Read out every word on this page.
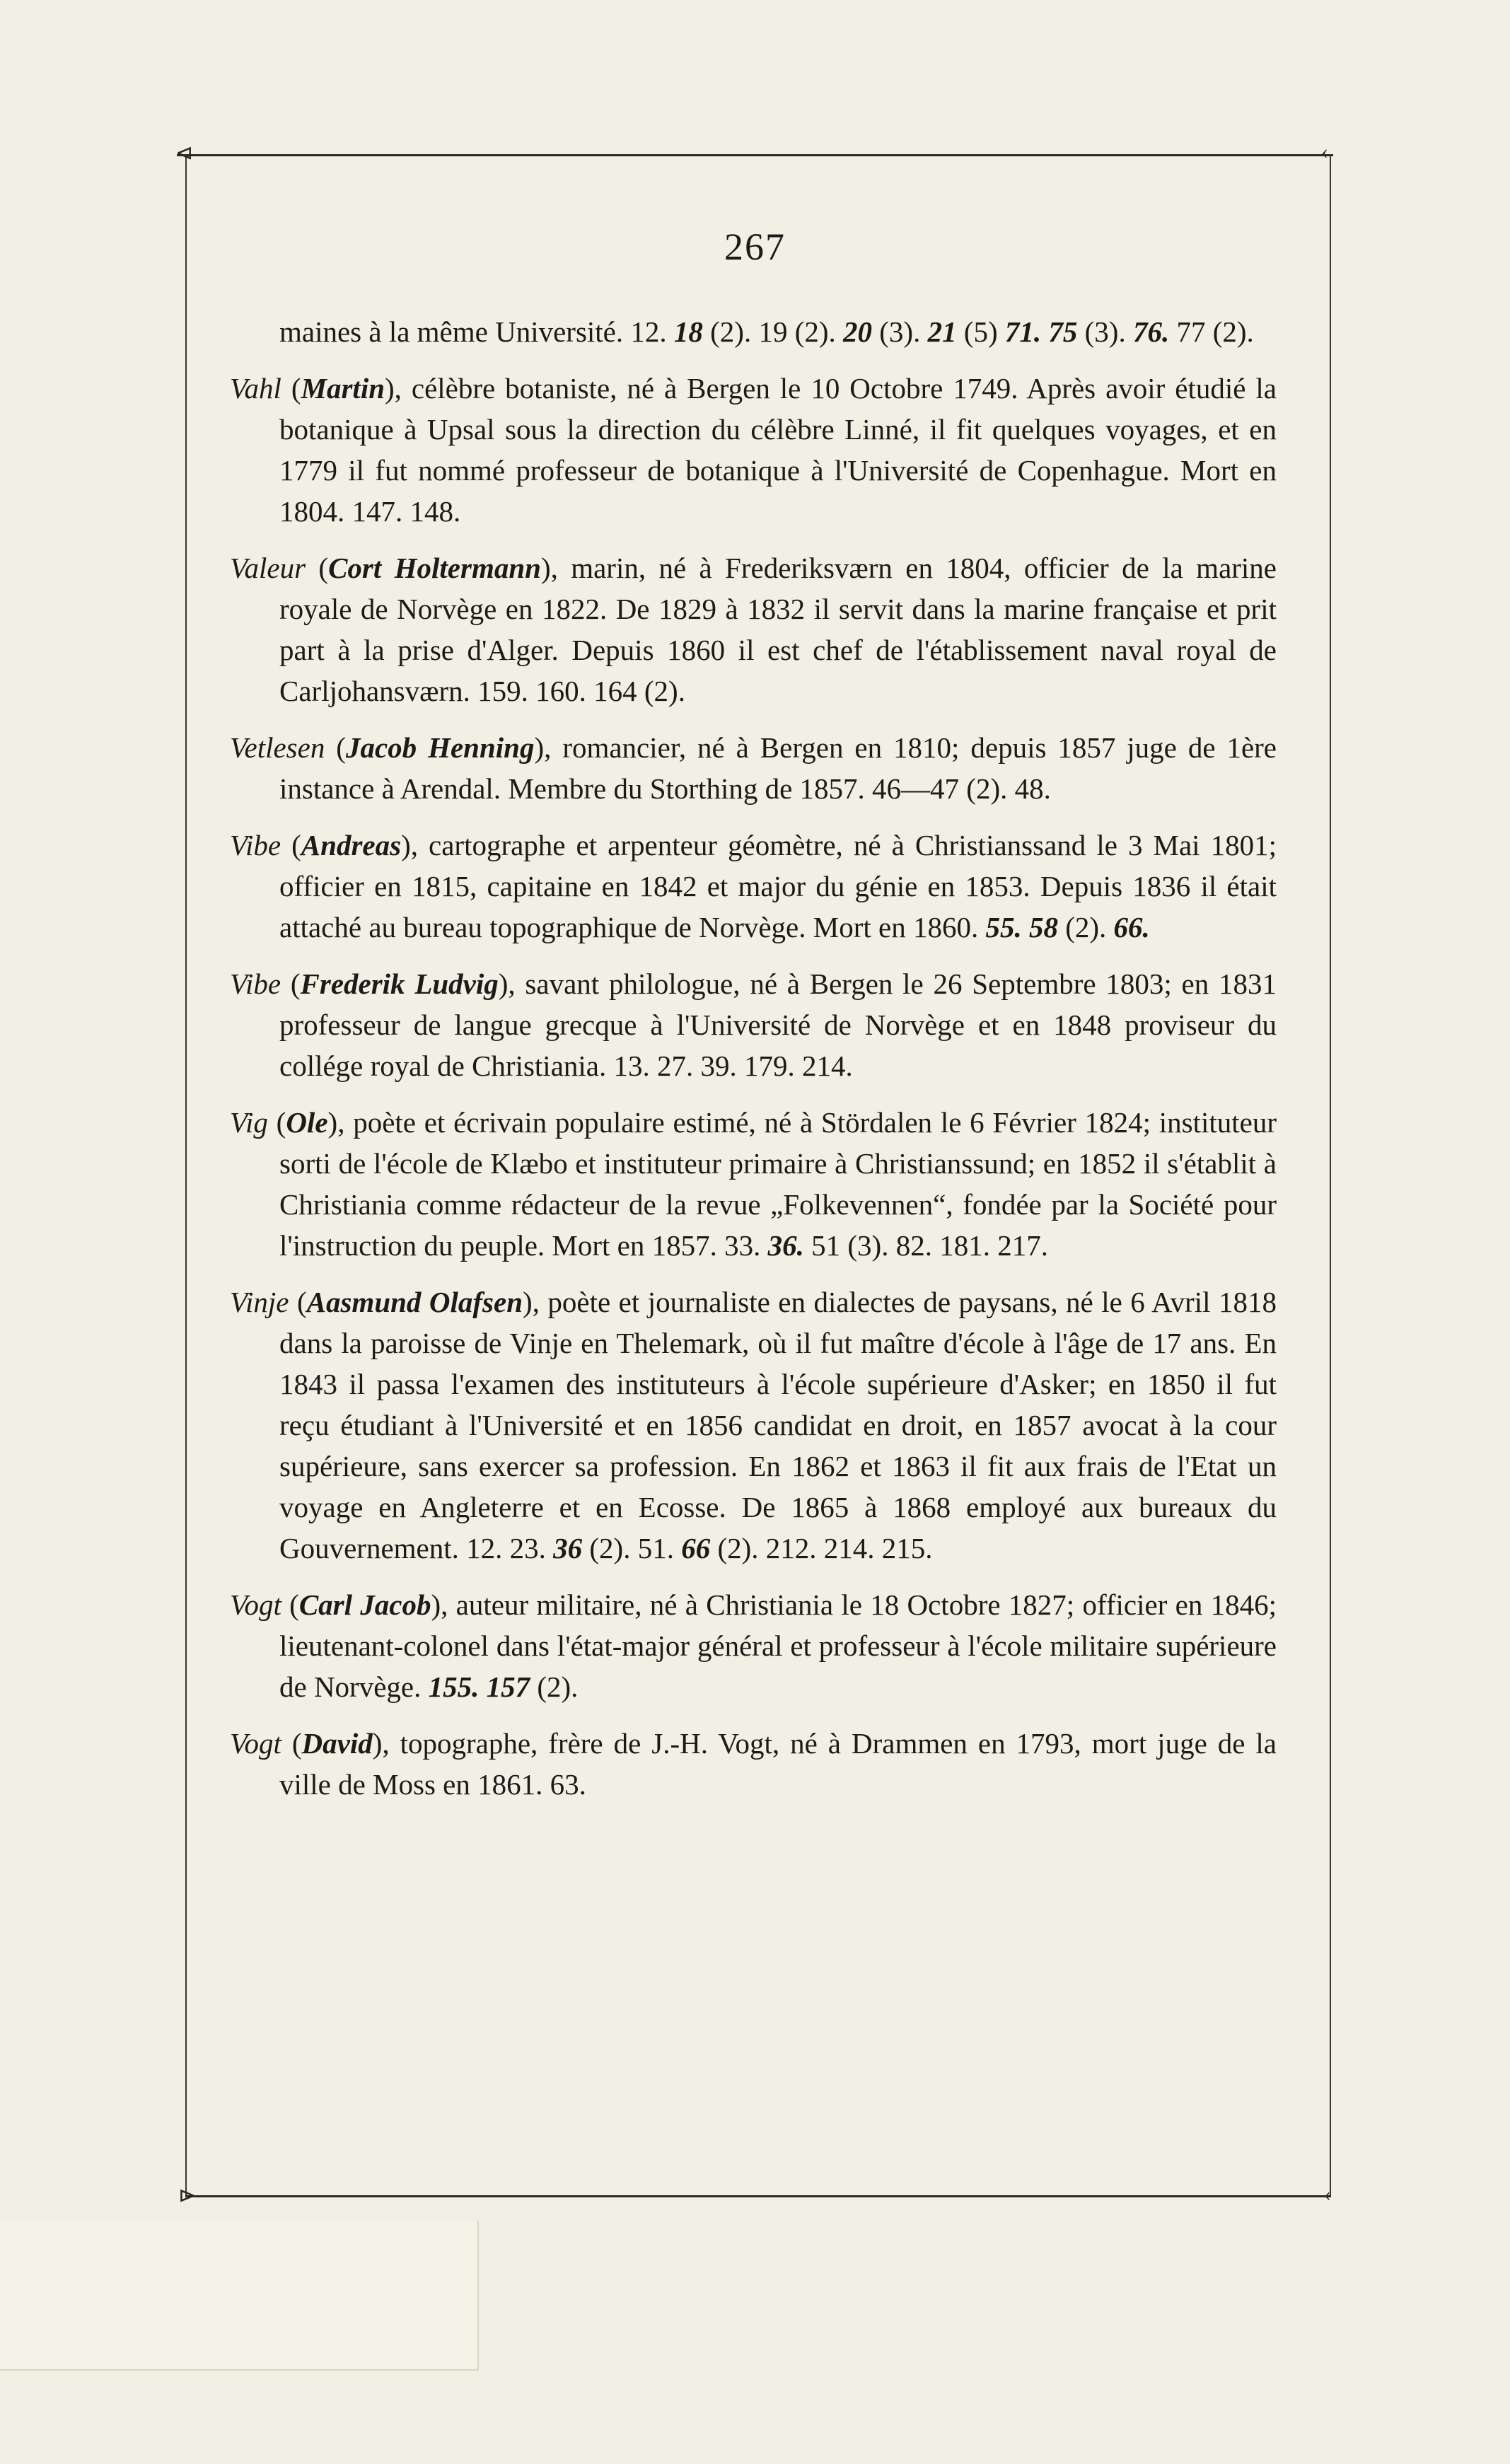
⊲	‹
⊳	‹
267

maines à la même Université. 12. 18 (2). 19 (2). 20 (3). 21 (5) 71. 75 (3). 76. 77 (2).

Vahl (Martin), célèbre botaniste, né à Bergen le 10 Octobre 1749. Après avoir étudié la botanique à Upsal sous la direction du célèbre Linné, il fit quelques voyages, et en 1779 il fut nommé professeur de botanique à l'Université de Copenhague. Mort en 1804. 147. 148.

Valeur (Cort Holtermann), marin, né à Frederiksværn en 1804, officier de la marine royale de Norvège en 1822. De 1829 à 1832 il servit dans la marine française et prit part à la prise d'Alger. Depuis 1860 il est chef de l'établissement naval royal de Carljohansværn. 159. 160. 164 (2).

Vetlesen (Jacob Henning), romancier, né à Bergen en 1810; depuis 1857 juge de 1ère instance à Arendal. Membre du Storthing de 1857. 46—47 (2). 48.

Vibe (Andreas), cartographe et arpenteur géomètre, né à Christianssand le 3 Mai 1801; officier en 1815, capitaine en 1842 et major du génie en 1853. Depuis 1836 il était attaché au bureau topographique de Norvège. Mort en 1860. 55. 58 (2). 66.

Vibe (Frederik Ludvig), savant philologue, né à Bergen le 26 Septembre 1803; en 1831 professeur de langue grecque à l'Université de Norvège et en 1848 proviseur du collége royal de Christiania. 13. 27. 39. 179. 214.

Vig (Ole), poète et écrivain populaire estimé, né à Stördalen le 6 Février 1824; instituteur sorti de l'école de Klæbo et instituteur primaire à Christianssund; en 1852 il s'établit à Christiania comme rédacteur de la revue „Folkevennen“, fondée par la Société pour l'instruction du peuple. Mort en 1857. 33. 36. 51 (3). 82. 181. 217.

Vinje (Aasmund Olafsen), poète et journaliste en dialectes de paysans, né le 6 Avril 1818 dans la paroisse de Vinje en Thelemark, où il fut maître d'école à l'âge de 17 ans. En 1843 il passa l'examen des instituteurs à l'école supérieure d'Asker; en 1850 il fut reçu étudiant à l'Université et en 1856 candidat en droit, en 1857 avocat à la cour supérieure, sans exercer sa profession. En 1862 et 1863 il fit aux frais de l'Etat un voyage en Angleterre et en Ecosse. De 1865 à 1868 employé aux bureaux du Gouvernement. 12. 23. 36 (2). 51. 66 (2). 212. 214. 215.

Vogt (Carl Jacob), auteur militaire, né à Christiania le 18 Octobre 1827; officier en 1846; lieutenant-colonel dans l'état-major général et professeur à l'école militaire supérieure de Norvège. 155. 157 (2).

Vogt (David), topographe, frère de J.-H. Vogt, né à Drammen en 1793, mort juge de la ville de Moss en 1861. 63.
